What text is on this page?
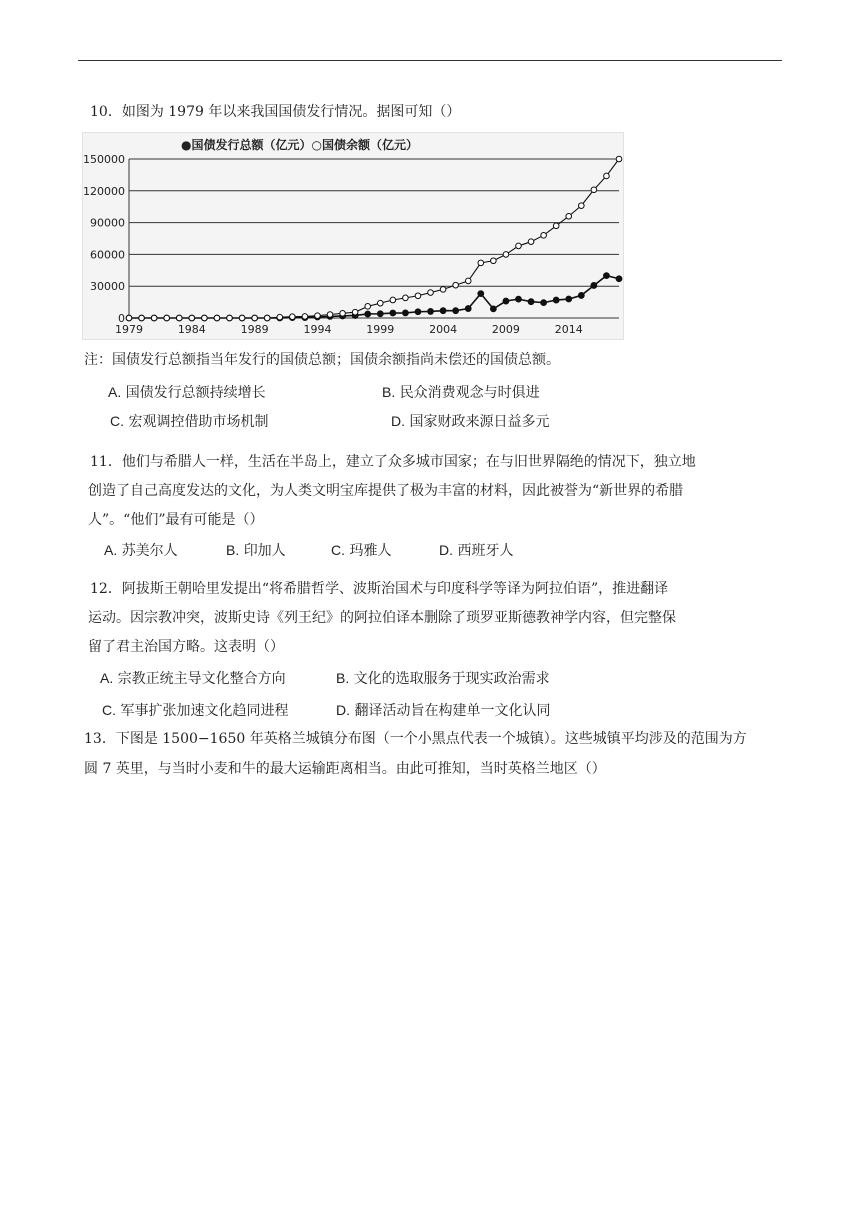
10．如图为 1979 年以来我国国债发行情况。据图可知（）
●国债发行总额（亿元）○国债余额（亿元）
0
30000
60000
90000
120000
150000
1979	1984	1989	1994	1999	2004	2009	2014
注：国债发行总额指当年发行的国债总额；国债余额指尚未偿还的国债总额。
A. 国债发行总额持续增长	B. 民众消费观念与时俱进
C. 宏观调控借助市场机制	D. 国家财政来源日益多元
11．他们与希腊人一样，生活在半岛上，建立了众多城市国家；在与旧世界隔绝的情况下，独立地
创造了自己高度发达的文化，为人类文明宝库提供了极为丰富的材料，因此被誉为“新世界的希腊
人”。“他们”最有可能是（）
A. 苏美尔人	B. 印加人	C. 玛雅人	D. 西班牙人
12．阿拔斯王朝哈里发提出“将希腊哲学、波斯治国术与印度科学等译为阿拉伯语”，推进翻译
运动。因宗教冲突，波斯史诗《列王纪》的阿拉伯译本删除了琐罗亚斯德教神学内容，但完整保
留了君主治国方略。这表明（）
A. 宗教正统主导文化整合方向	B. 文化的选取服务于现实政治需求
C. 军事扩张加速文化趋同进程	D. 翻译活动旨在构建单一文化认同
13．下图是 1500−1650 年英格兰城镇分布图（一个小黑点代表一个城镇）。这些城镇平均涉及的范围为方
圆 7 英里，与当时小麦和牛的最大运输距离相当。由此可推知，当时英格兰地区（）
